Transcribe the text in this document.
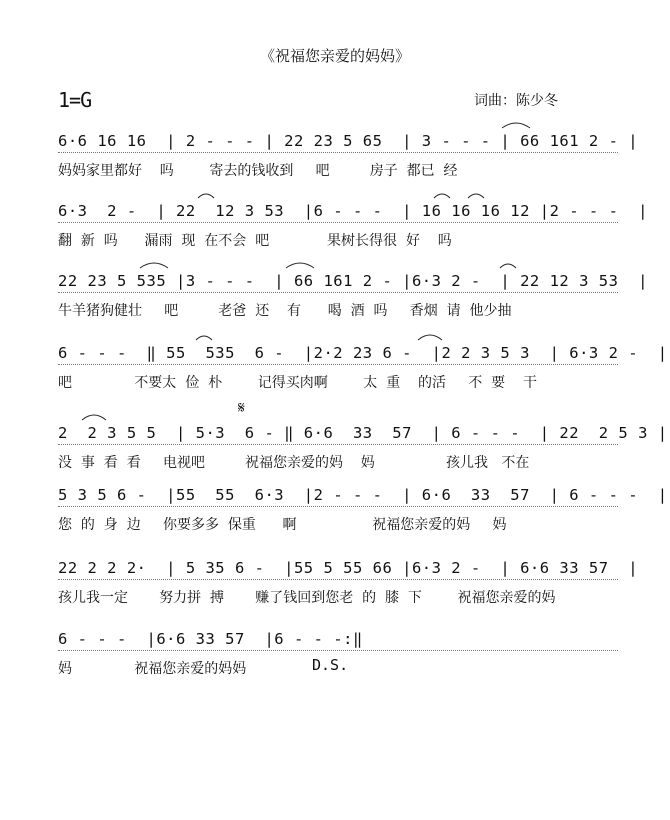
《祝福您亲爱的妈妈》
1=G	词曲：陈少冬
6·6 16 16  | 2 - - - | 22 23 5 65  | 3 - - - | 66 161 2 - |
妈妈家里都好    吗        寄去的钱收到     吧         房子  都已  经
6·3  2 -  | 22  12 3 53  |6 - - -  | 16 16 16 12 |2 - - -  |
翻  新  吗      漏雨  现  在不会  吧             果树长得很  好    吗
22 23 5 535 |3 - - -  | 66 161 2 - |6·3 2 -  | 22 12 3 53  |
牛羊猪狗健壮     吧         老爸  还    有      喝  酒  吗     香烟  请  他少抽
6 - - -  ‖ 55  535  6 -  |2·2 23 6 -  |2 2 3 5 3  | 6·3 2 -  |
吧              不要太  俭  朴        记得买肉啊        太  重    的活     不  要    干
𝄋
2  2 3 5 5  | 5·3  6 - ‖ 6·6  33  57  | 6 - - -  | 22  2 5 3 |
没  事  看  看     电视吧         祝福您亲爱的妈    妈                孩儿我   不在
5 3 5 6 -  |55  55  6·3  |2 - - -  | 6·6  33  57  | 6 - - -  |
您  的  身  边     你要多多  保重      啊                 祝福您亲爱的妈     妈
22 2 2 2·  | 5 35 6 -  |55 5 55 66 |6·3 2 -  | 6·6 33 57  |
孩儿我一定       努力拼  搏       赚了钱回到您老  的  膝  下        祝福您亲爱的妈
6 - - -  |6·6 33 57  |6 - - -:‖
妈              祝福您亲爱的妈妈	D.S.
